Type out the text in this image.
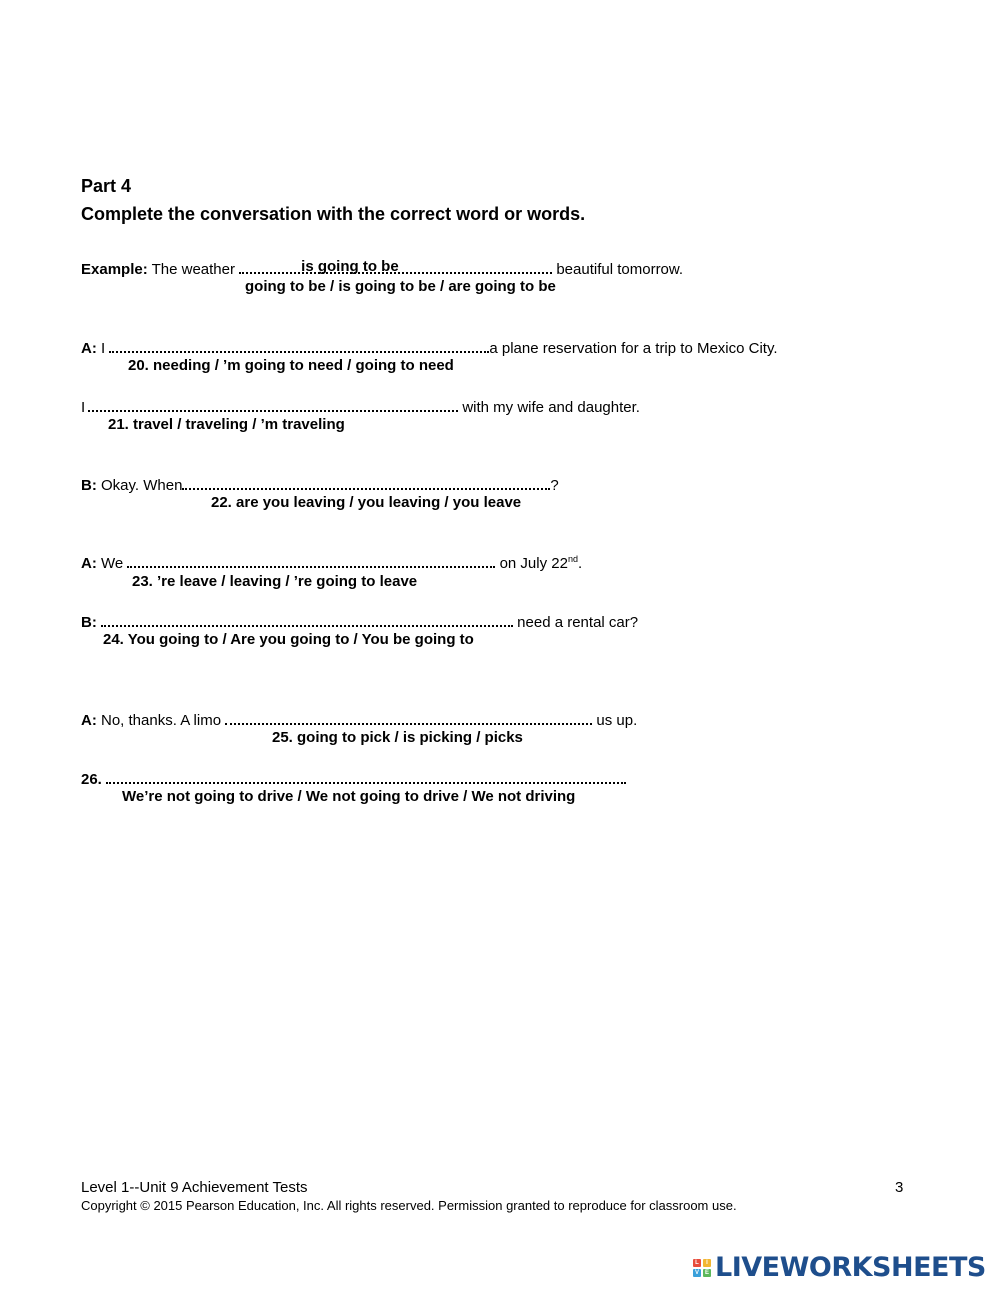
Part 4
Complete the conversation with the correct word or words.
Example: The weather	is going to be	beautiful tomorrow.
going to be / is going to be / are going to be
A: I	a plane reservation for a trip to Mexico City.
20. needing / ’m going to need / going to need
I	with my wife and daughter.
21. travel / traveling / ’m traveling
B: Okay. When	?
22. are you leaving / you leaving / you leave
A: We	on July 22nd.
23. ’re leave / leaving / ’re going to leave
B:	need a rental car?
24. You going to / Are you going to / You be going to
A: No, thanks. A limo	us up.
25. going to pick / is picking / picks
26.
We’re not going to drive / We not going to drive / We not driving
Level 1--Unit 9 Achievement Tests	3
Copyright © 2015 Pearson Education, Inc. All rights reserved. Permission granted to reproduce for classroom use.
L	I
V E LIVEWORKSHEETS
